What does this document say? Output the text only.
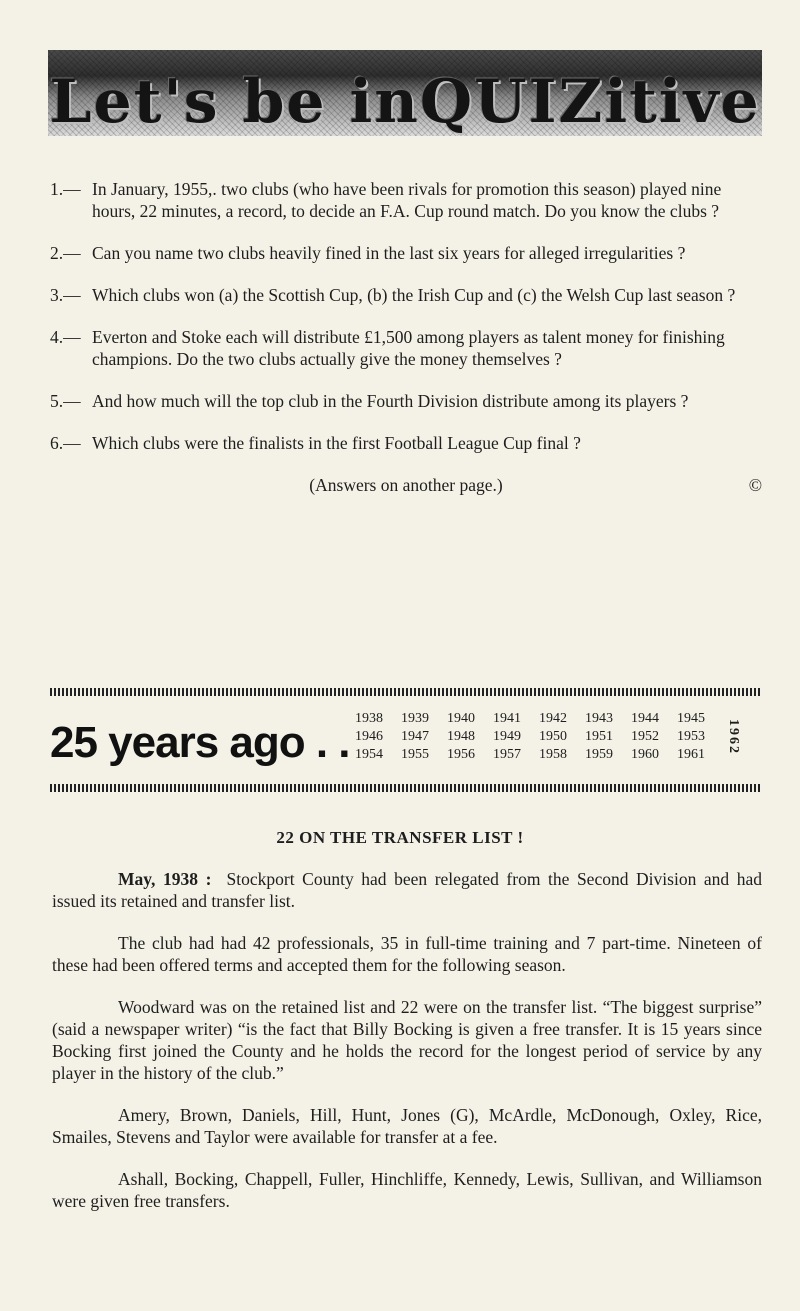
Let's be inQUIZitive
1.— In January, 1955,. two clubs (who have been rivals for promotion this season) played nine hours, 22 minutes, a record, to decide an F.A. Cup round match. Do you know the clubs ?
2.— Can you name two clubs heavily fined in the last six years for alleged irregularities ?
3.— Which clubs won (a) the Scottish Cup, (b) the Irish Cup and (c) the Welsh Cup last season ?
4.— Everton and Stoke each will distribute £1,500 among players as talent money for finishing champions. Do the two clubs actually give the money themselves ?
5.— And how much will the top club in the Fourth Division distribute among its players ?
6.— Which clubs were the finalists in the first Football League Cup final ?
(Answers on another page.)	©
25 years ago . . 1938 1939 1940 1941 1942 1943 1944 1945
1946 1947 1948 1949 1950 1951 1952 1953
1954 1955 1956 1957 1958 1959 1960 1961	1962
22 ON THE TRANSFER LIST !

May, 1938 : Stockport County had been relegated from the Second Division and had issued its retained and transfer list.

The club had had 42 professionals, 35 in full-time training and 7 part-time. Nineteen of these had been offered terms and accepted them for the following season.

Woodward was on the retained list and 22 were on the transfer list. “The biggest surprise” (said a newspaper writer) “is the fact that Billy Bocking is given a free transfer. It is 15 years since Bocking first joined the County and he holds the record for the longest period of service by any player in the history of the club.”

Amery, Brown, Daniels, Hill, Hunt, Jones (G), McArdle, McDonough, Oxley, Rice, Smailes, Stevens and Taylor were available for transfer at a fee.

Ashall, Bocking, Chappell, Fuller, Hinchliffe, Kennedy, Lewis, Sullivan, and Williamson were given free transfers.
